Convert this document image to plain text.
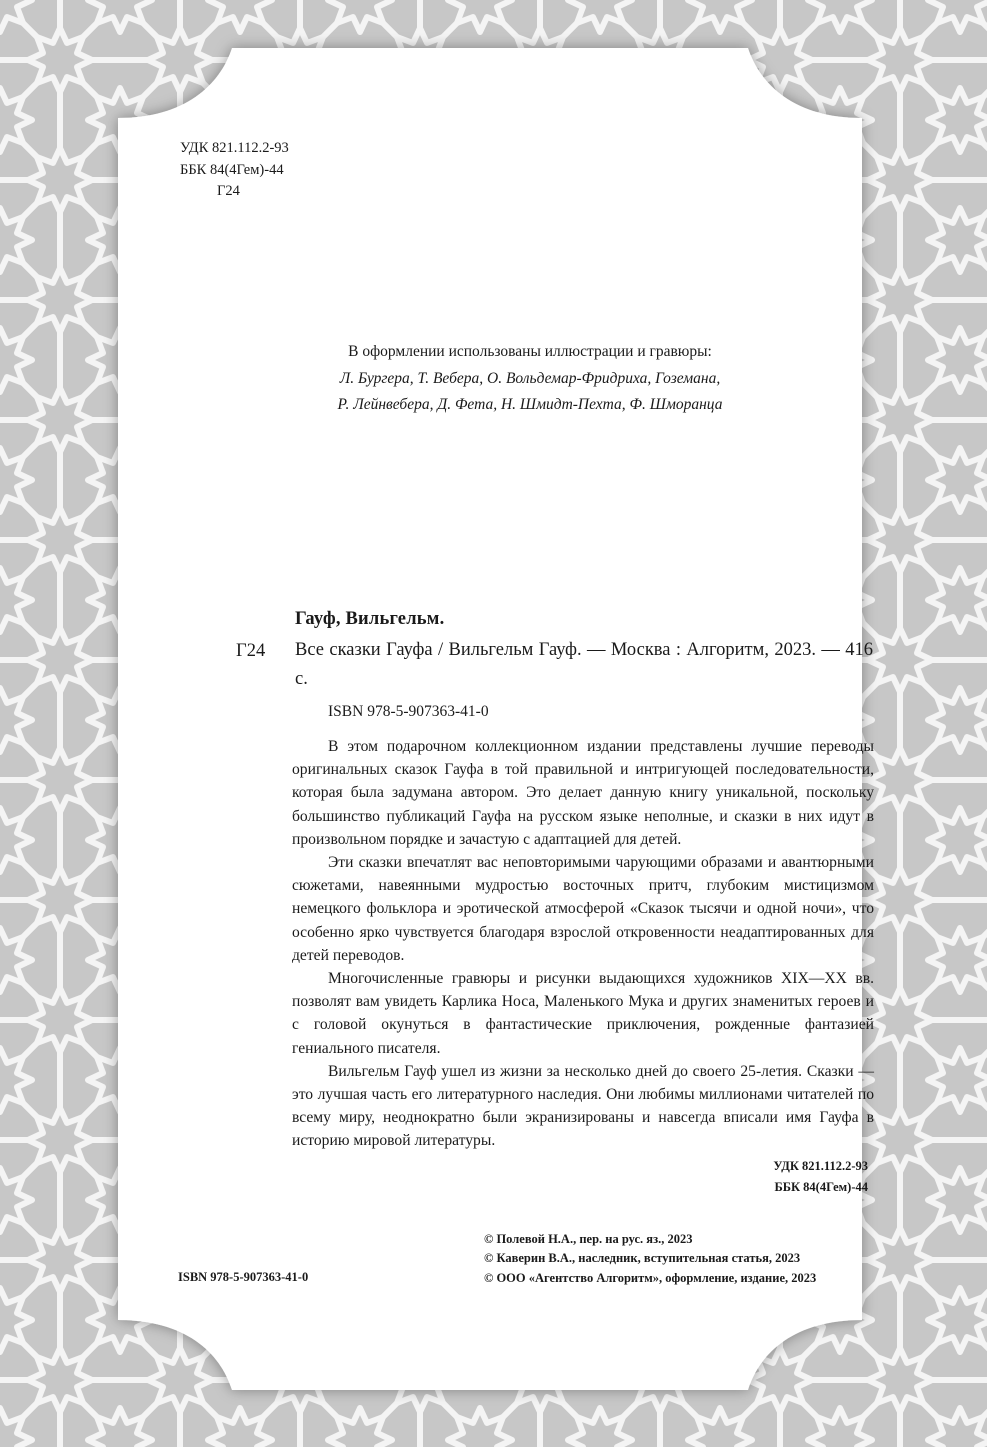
УДК 821.112.2-93
ББК 84(4Гем)-44
Г24
В оформлении использованы иллюстрации и гравюры:
Л. Бургера, Т. Вебера, О. Вольдемар-Фридриха, Гоземана,
Р. Лейнвебера, Д. Фета, Н. Шмидт-Пехта, Ф. Шморанца
Гауф, Вильгельм.
Г24 Все сказки Гауфа / Вильгельм Гауф. — Москва : Алгоритм, 2023. — 416 с.
ISBN 978-5-907363-41-0

В этом подарочном коллекционном издании представлены лучшие переводы оригинальных сказок Гауфа в той правильной и интригующей последовательности, которая была задумана автором. Это делает данную книгу уникальной, поскольку большинство публикаций Гауфа на русском языке неполные, и сказки в них идут в произвольном порядке и зачастую с адаптацией для детей.

Эти сказки впечатлят вас неповторимыми чарующими образами и авантюрными сюжетами, навеянными мудростью восточных притч, глубоким мистицизмом немецкого фольклора и эротической атмосферой «Сказок тысячи и одной ночи», что особенно ярко чувствуется благодаря взрослой откровенности неадаптированных для детей переводов.

Многочисленные гравюры и рисунки выдающихся художников XIX—XX вв. позволят вам увидеть Карлика Носа, Маленького Мука и других знаменитых героев и с головой окунуться в фантастические приключения, рожденные фантазией гениального писателя.

Вильгельм Гауф ушел из жизни за несколько дней до своего 25-летия. Сказки — это лучшая часть его литературного наследия. Они любимы миллионами читателей по всему миру, неоднократно были экранизированы и навсегда вписали имя Гауфа в историю мировой литературы.

УДК 821.112.2-93
ББК 84(4Гем)-44
© Полевой Н.А., пер. на рус. яз., 2023
© Каверин В.А., наследник, вступительная статья, 2023
© ООО «Агентство Алгоритм», оформление, издание, 2023
ISBN 978-5-907363-41-0
